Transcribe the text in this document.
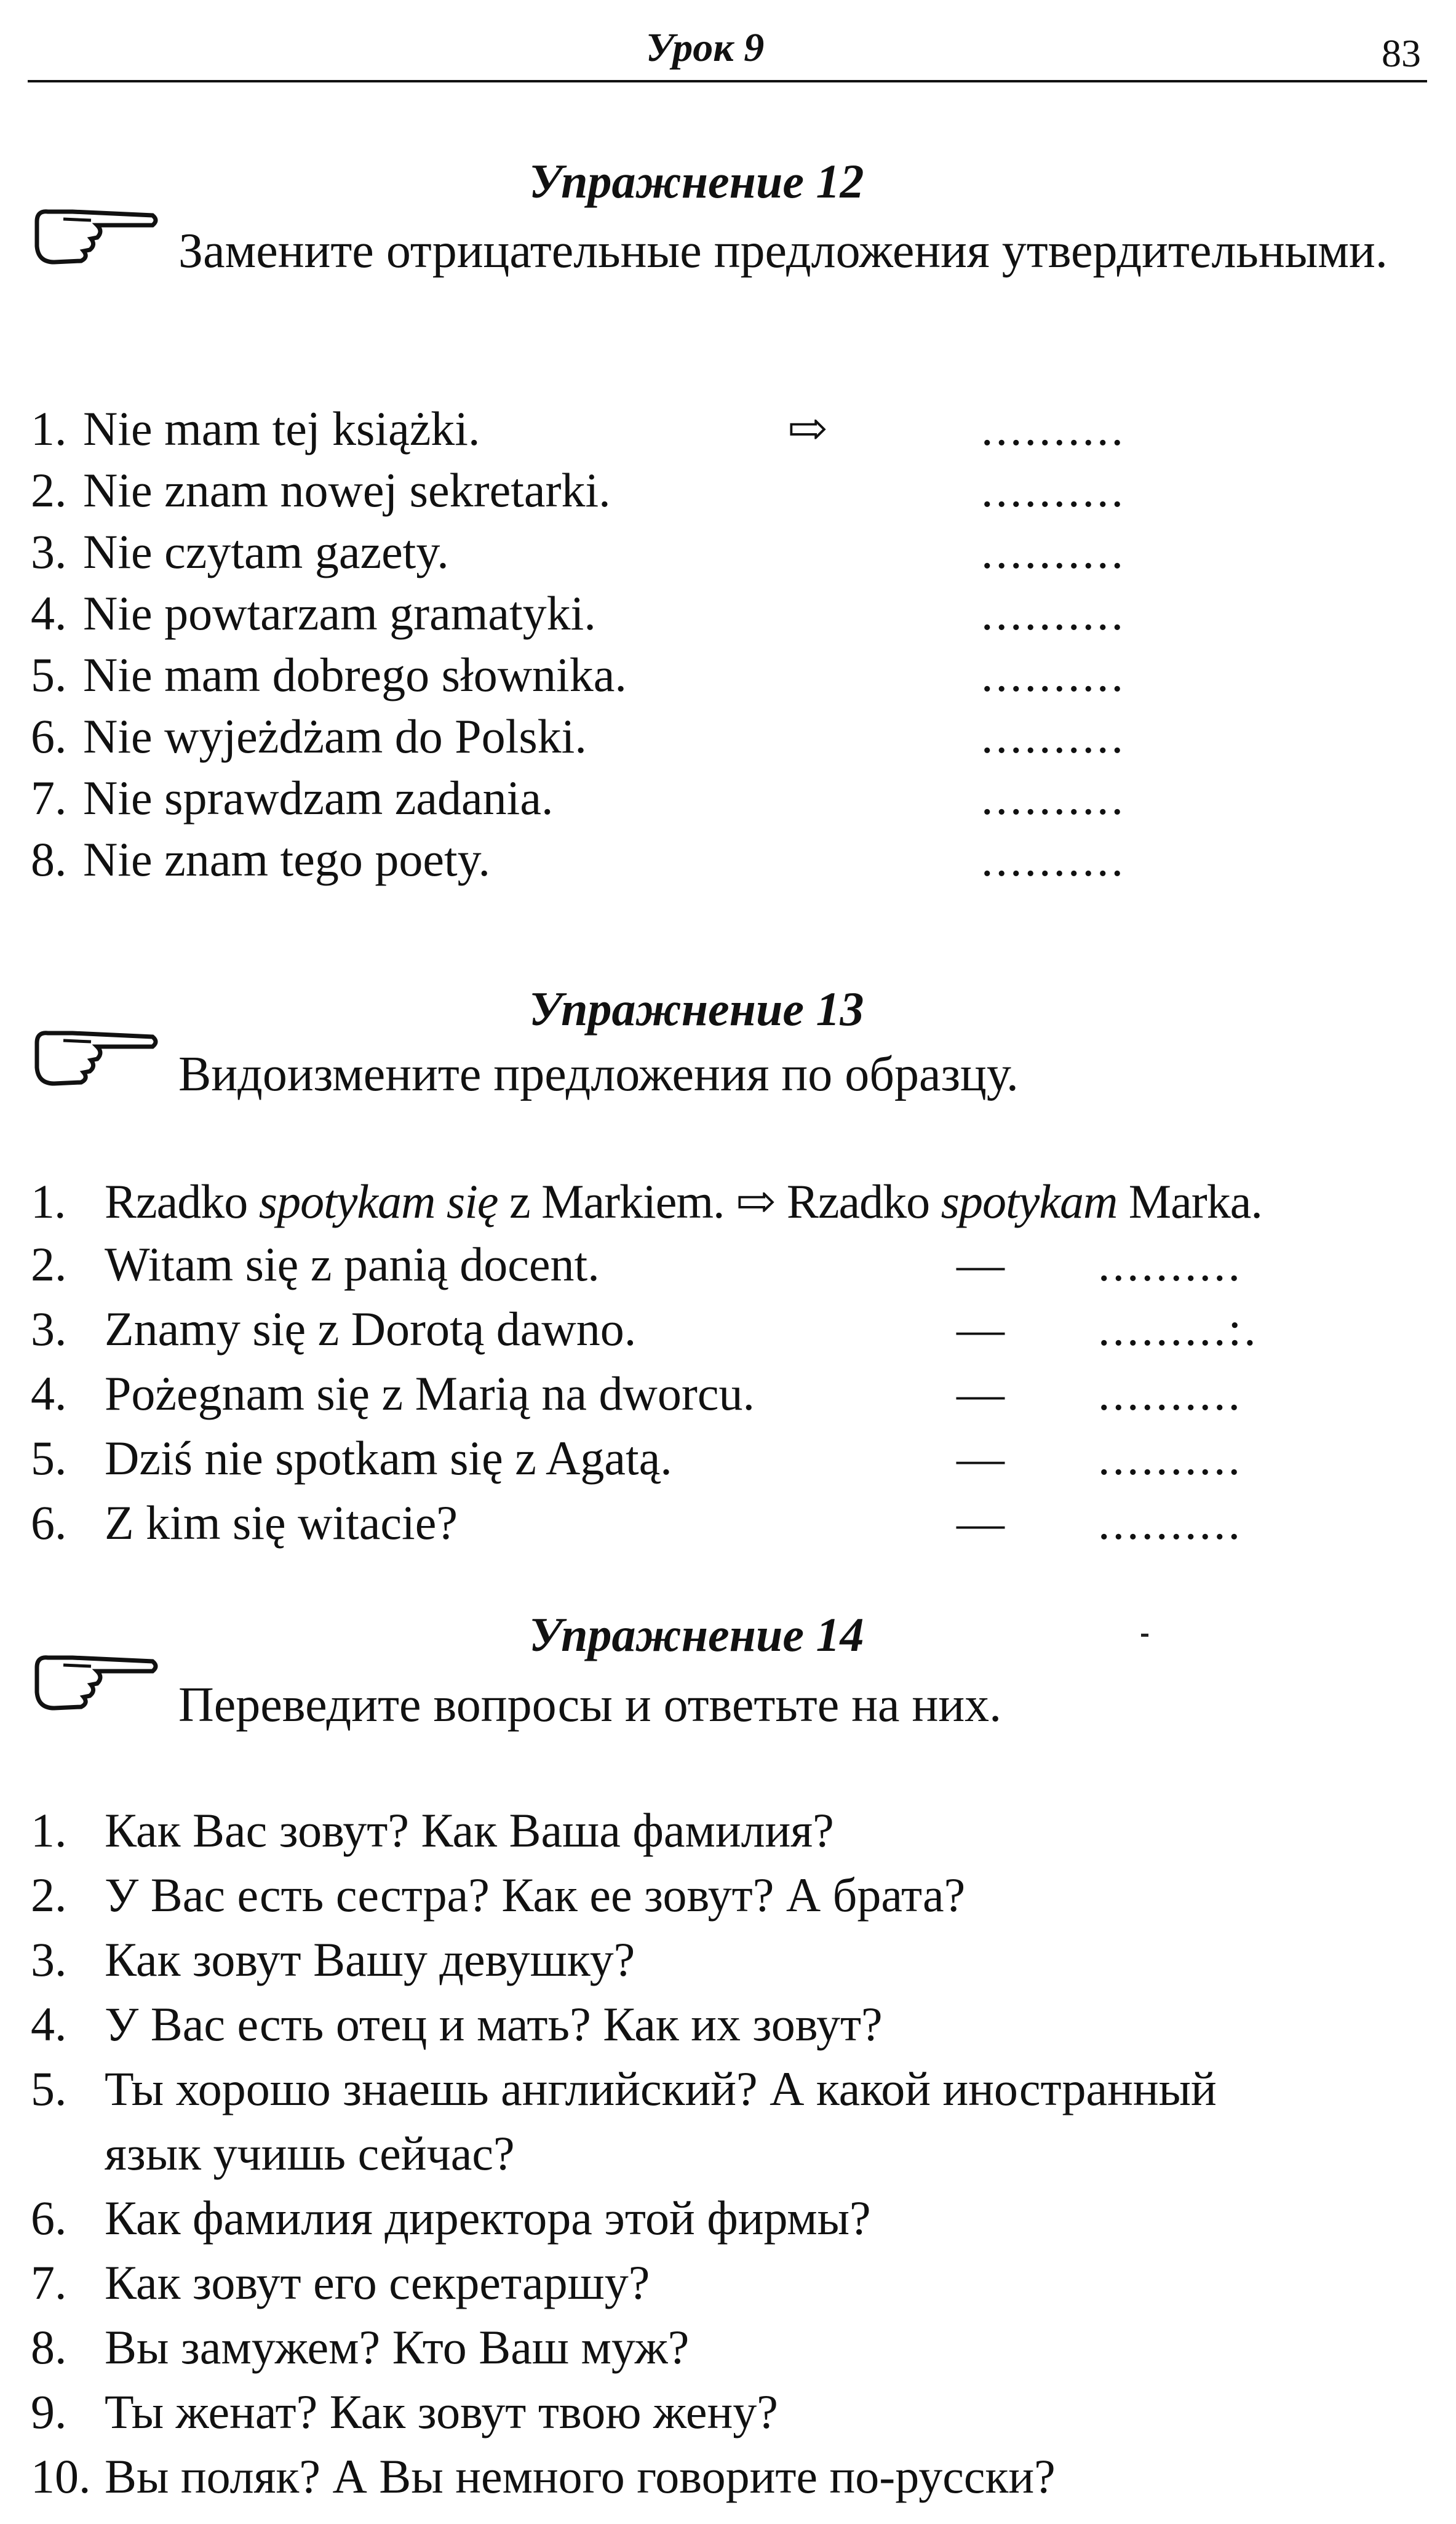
Урок 9	83
Упражнение 12
Замените отрицательные предложения утвердительными.
1. Nie mam tej książki.	⇨	..........
2. Nie znam nowej sekretarki.	..........
3. Nie czytam gazety.	..........
4. Nie powtarzam gramatyki.	..........
5. Nie mam dobrego słownika.	..........
6. Nie wyjeżdżam do Polski.	..........
7. Nie sprawdzam zadania.	..........
8. Nie znam tego poety.	..........
Упражнение 13
Видоизмените предложения по образцу.
1. Rzadko spotykam się z Markiem. ⇨ Rzadko spotykam Marka.
2. Witam się z panią docent.	— ..........
3. Znamy się z Dorotą dawno.	— .........:.
4. Pożegnam się z Marią na dworcu.	— ..........
5. Dziś nie spotkam się z Agatą.	— ..........
6. Z kim się witacie?	— ..........
Упражнение 14
Переведите вопросы и ответьте на них.
1. Как Вас зовут? Как Ваша фамилия?
2. У Вас есть сестра? Как ее зовут? А брата?
3. Как зовут Вашу девушку?
4. У Вас есть отец и мать? Как их зовут?
5. Ты хорошо знаешь английский? А какой иностранный
язык учишь сейчас?
6. Как фамилия директора этой фирмы?
7. Как зовут его секретаршу?
8. Вы замужем? Кто Ваш муж?
9. Ты женат? Как зовут твою жену?
10. Вы поляк? А Вы немного говорите по-русски?
